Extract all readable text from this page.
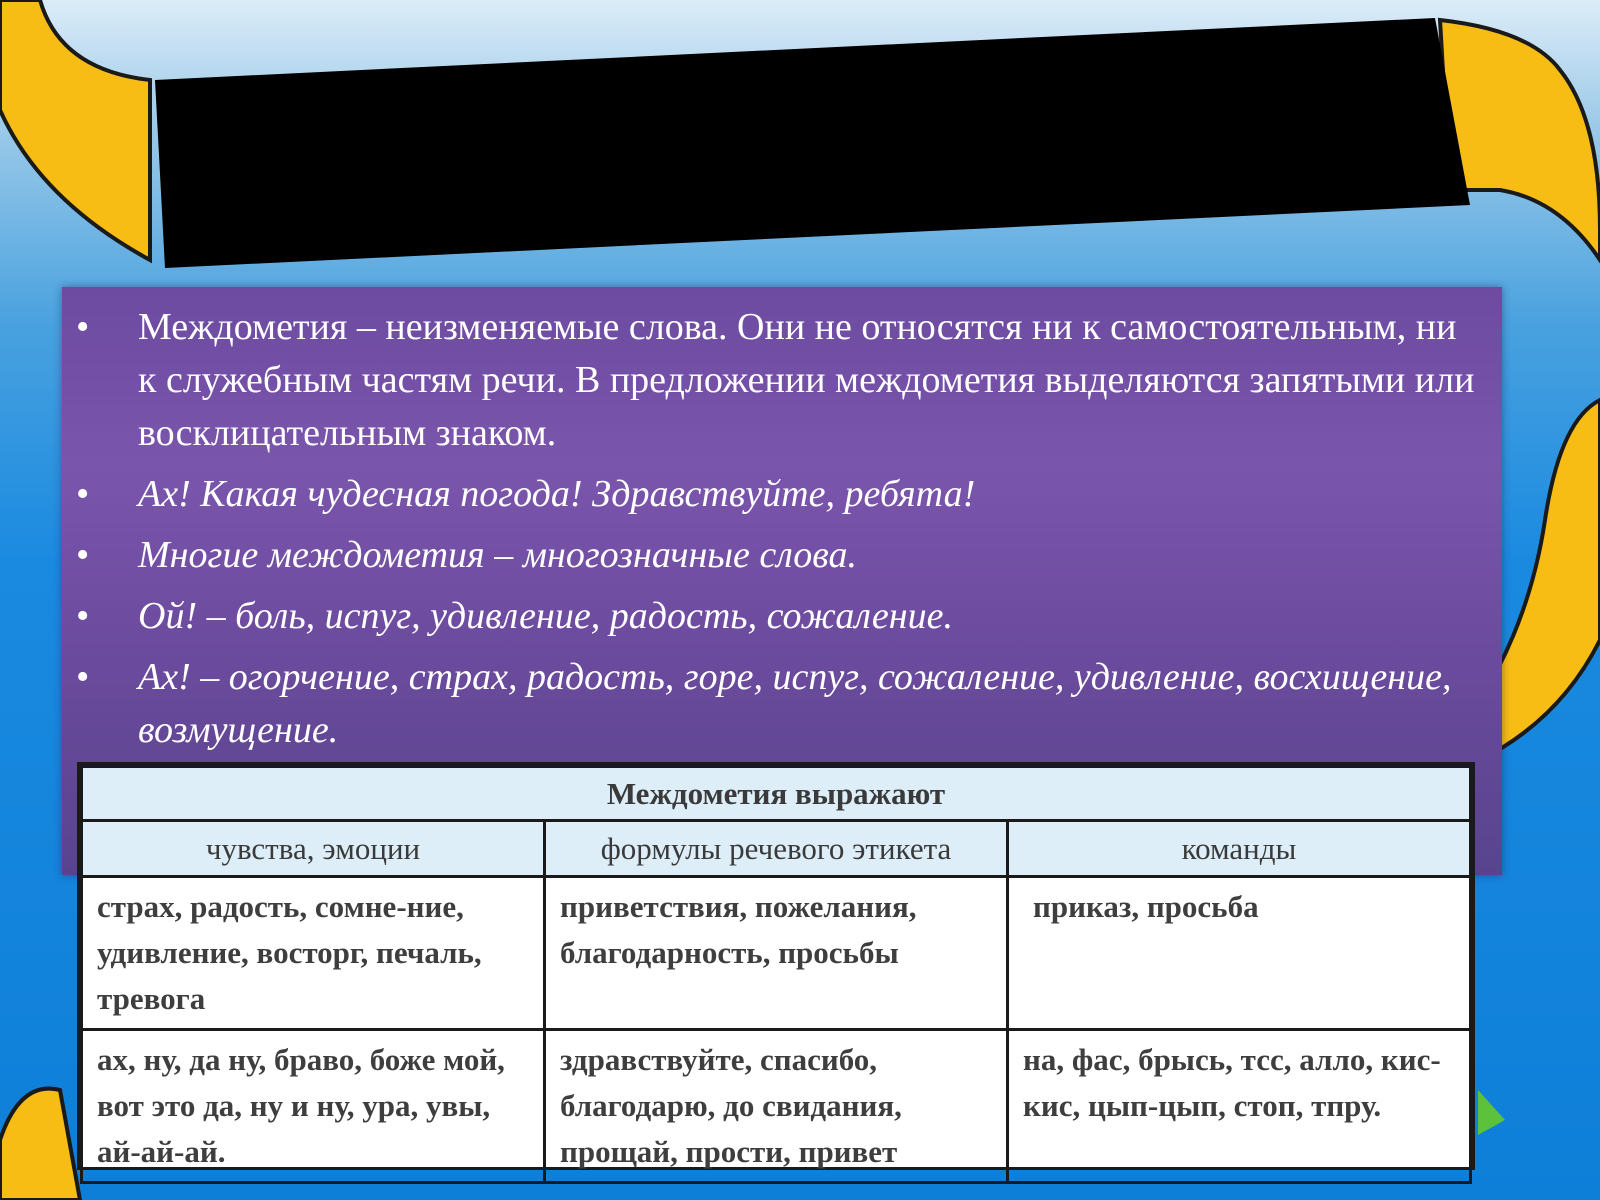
• Междометия – неизменяемые слова. Они не относятся ни к самостоятельным, ни к служебным частям речи. В предложении междометия выделяются запятыми или восклицательным знаком.
• Ах! Какая чудесная погода! Здравствуйте, ребята!
• Многие междометия – многозначные слова.
• Ой! – боль, испуг, удивление, радость, сожаление.
• Ах! – огорчение, страх, радость, горе, испуг, сожаление, удивление, восхищение, возмущение.
Междометия выражают		
чувства, эмоции	формулы речевого этикета	команды
страх, радость, сомне-ние, удивление, восторг, печаль, тревога	приветствия, пожелания, благодарность, просьбы	приказ, просьба
ах, ну, да ну, браво, боже мой, вот это да, ну и ну, ура, увы, ай-ай-ай.	здравствуйте, спасибо, благодарю, до свидания, прощай, прости, привет	на, фас, брысь, тсс, алло, кис-кис, цып-цып, стоп, тпру.
